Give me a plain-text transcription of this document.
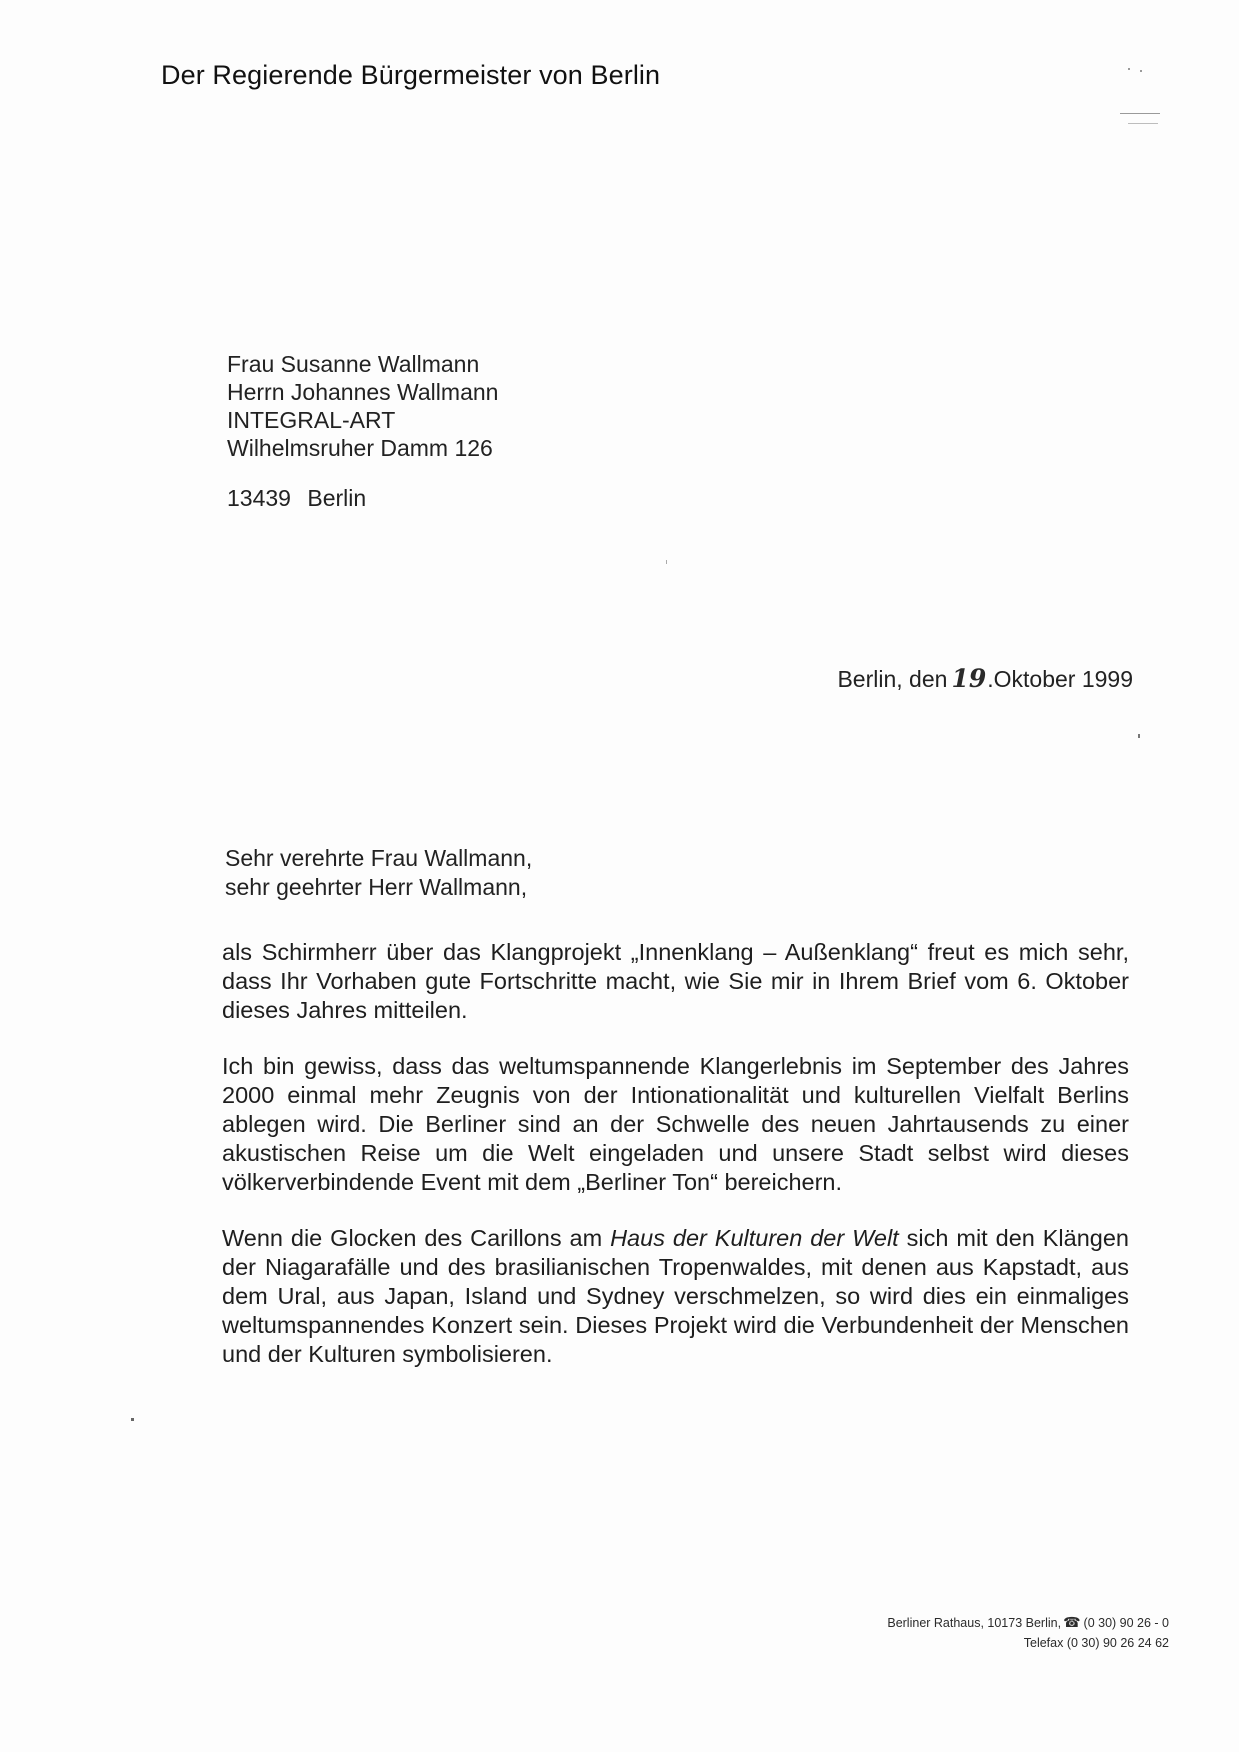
Der Regierende Bürgermeister von Berlin
Frau Susanne Wallmann
Herrn Johannes Wallmann
INTEGRAL-ART
Wilhelmsruher Damm 126
13439 Berlin
Berlin, den 19.Oktober 1999
Sehr verehrte Frau Wallmann,
sehr geehrter Herr Wallmann,

als Schirmherr über das Klangprojekt „Innenklang – Außenklang“ freut es mich sehr, dass Ihr Vorhaben gute Fortschritte macht, wie Sie mir in Ihrem Brief vom 6. Oktober dieses Jahres mitteilen.

Ich bin gewiss, dass das weltumspannende Klangerlebnis im September des Jahres 2000 einmal mehr Zeugnis von der Intionationalität und kulturellen Vielfalt Berlins ablegen wird. Die Berliner sind an der Schwelle des neuen Jahrtausends zu einer akustischen Reise um die Welt eingeladen und unsere Stadt selbst wird dieses völkerverbindende Event mit dem „Berliner Ton“ bereichern.

Wenn die Glocken des Carillons am Haus der Kulturen der Welt sich mit den Klängen der Niagarafälle und des brasilianischen Tropenwaldes, mit denen aus Kapstadt, aus dem Ural, aus Japan, Island und Sydney verschmelzen, so wird dies ein einmaliges weltumspannendes Konzert sein. Dieses Projekt wird die Verbundenheit der Menschen und der Kulturen symbolisieren.

Berliner Rathaus, 10173 Berlin, ☎ (0 30) 90 26 - 0
Telefax (0 30) 90 26 24 62
